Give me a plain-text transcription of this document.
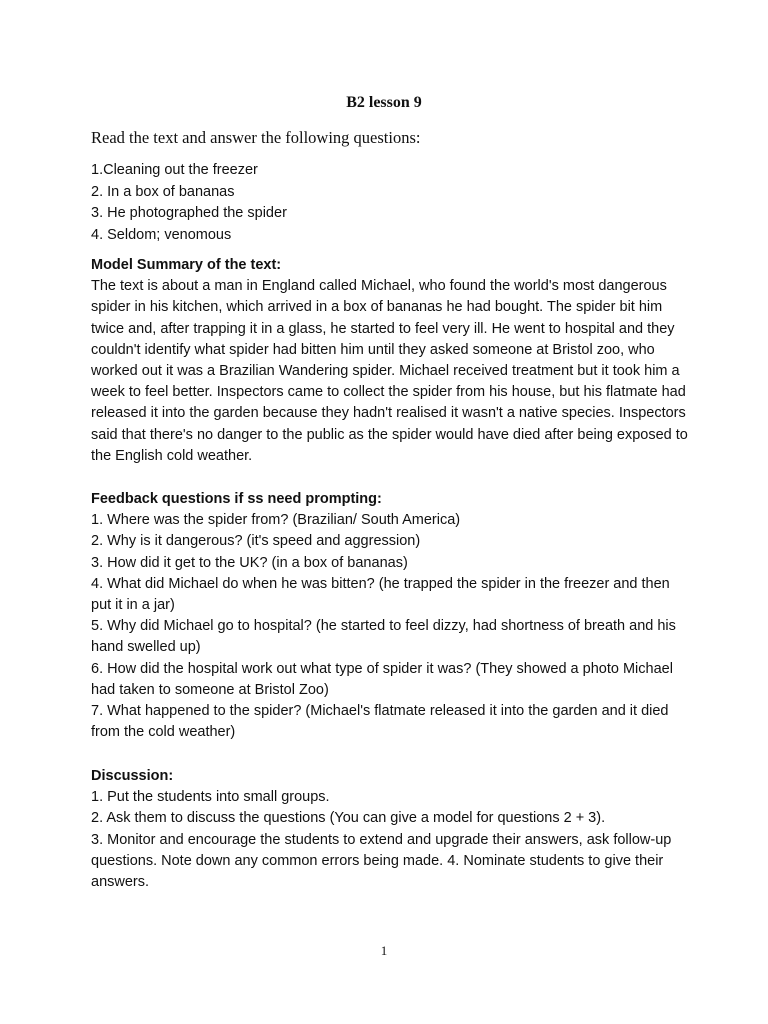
B2 lesson 9
Read the text and answer the following questions:
1.Cleaning out the freezer
2. In a box of bananas
3. He photographed the spider
4. Seldom; venomous
Model Summary of the text:

The text is about a man in England called Michael, who found the world's most dangerous spider in his kitchen, which arrived in a box of bananas he had bought. The spider bit him twice and, after trapping it in a glass, he started to feel very ill. He went to hospital and they couldn't identify what spider had bitten him until they asked someone at Bristol zoo, who worked out it was a Brazilian Wandering spider. Michael received treatment but it took him a week to feel better. Inspectors came to collect the spider from his house, but his flatmate had released it into the garden because they hadn't realised it wasn't a native species. Inspectors said that there's no danger to the public as the spider would have died after being exposed to the English cold weather.

Feedback questions if ss need prompting:
1. Where was the spider from? (Brazilian/ South America)
2. Why is it dangerous? (it's speed and aggression)
3. How did it get to the UK? (in a box of bananas)
4. What did Michael do when he was bitten? (he trapped the spider in the freezer and then put it in a jar)
5. Why did Michael go to hospital? (he started to feel dizzy, had shortness of breath and his hand swelled up)
6. How did the hospital work out what type of spider it was? (They showed a photo Michael had taken to someone at Bristol Zoo)
7. What happened to the spider? (Michael's flatmate released it into the garden and it died from the cold weather)
Discussion:
1. Put the students into small groups.
2. Ask them to discuss the questions (You can give a model for questions 2 + 3).
3. Monitor and encourage the students to extend and upgrade their answers, ask follow-up questions. Note down any common errors being made. 4. Nominate students to give their answers.
1
